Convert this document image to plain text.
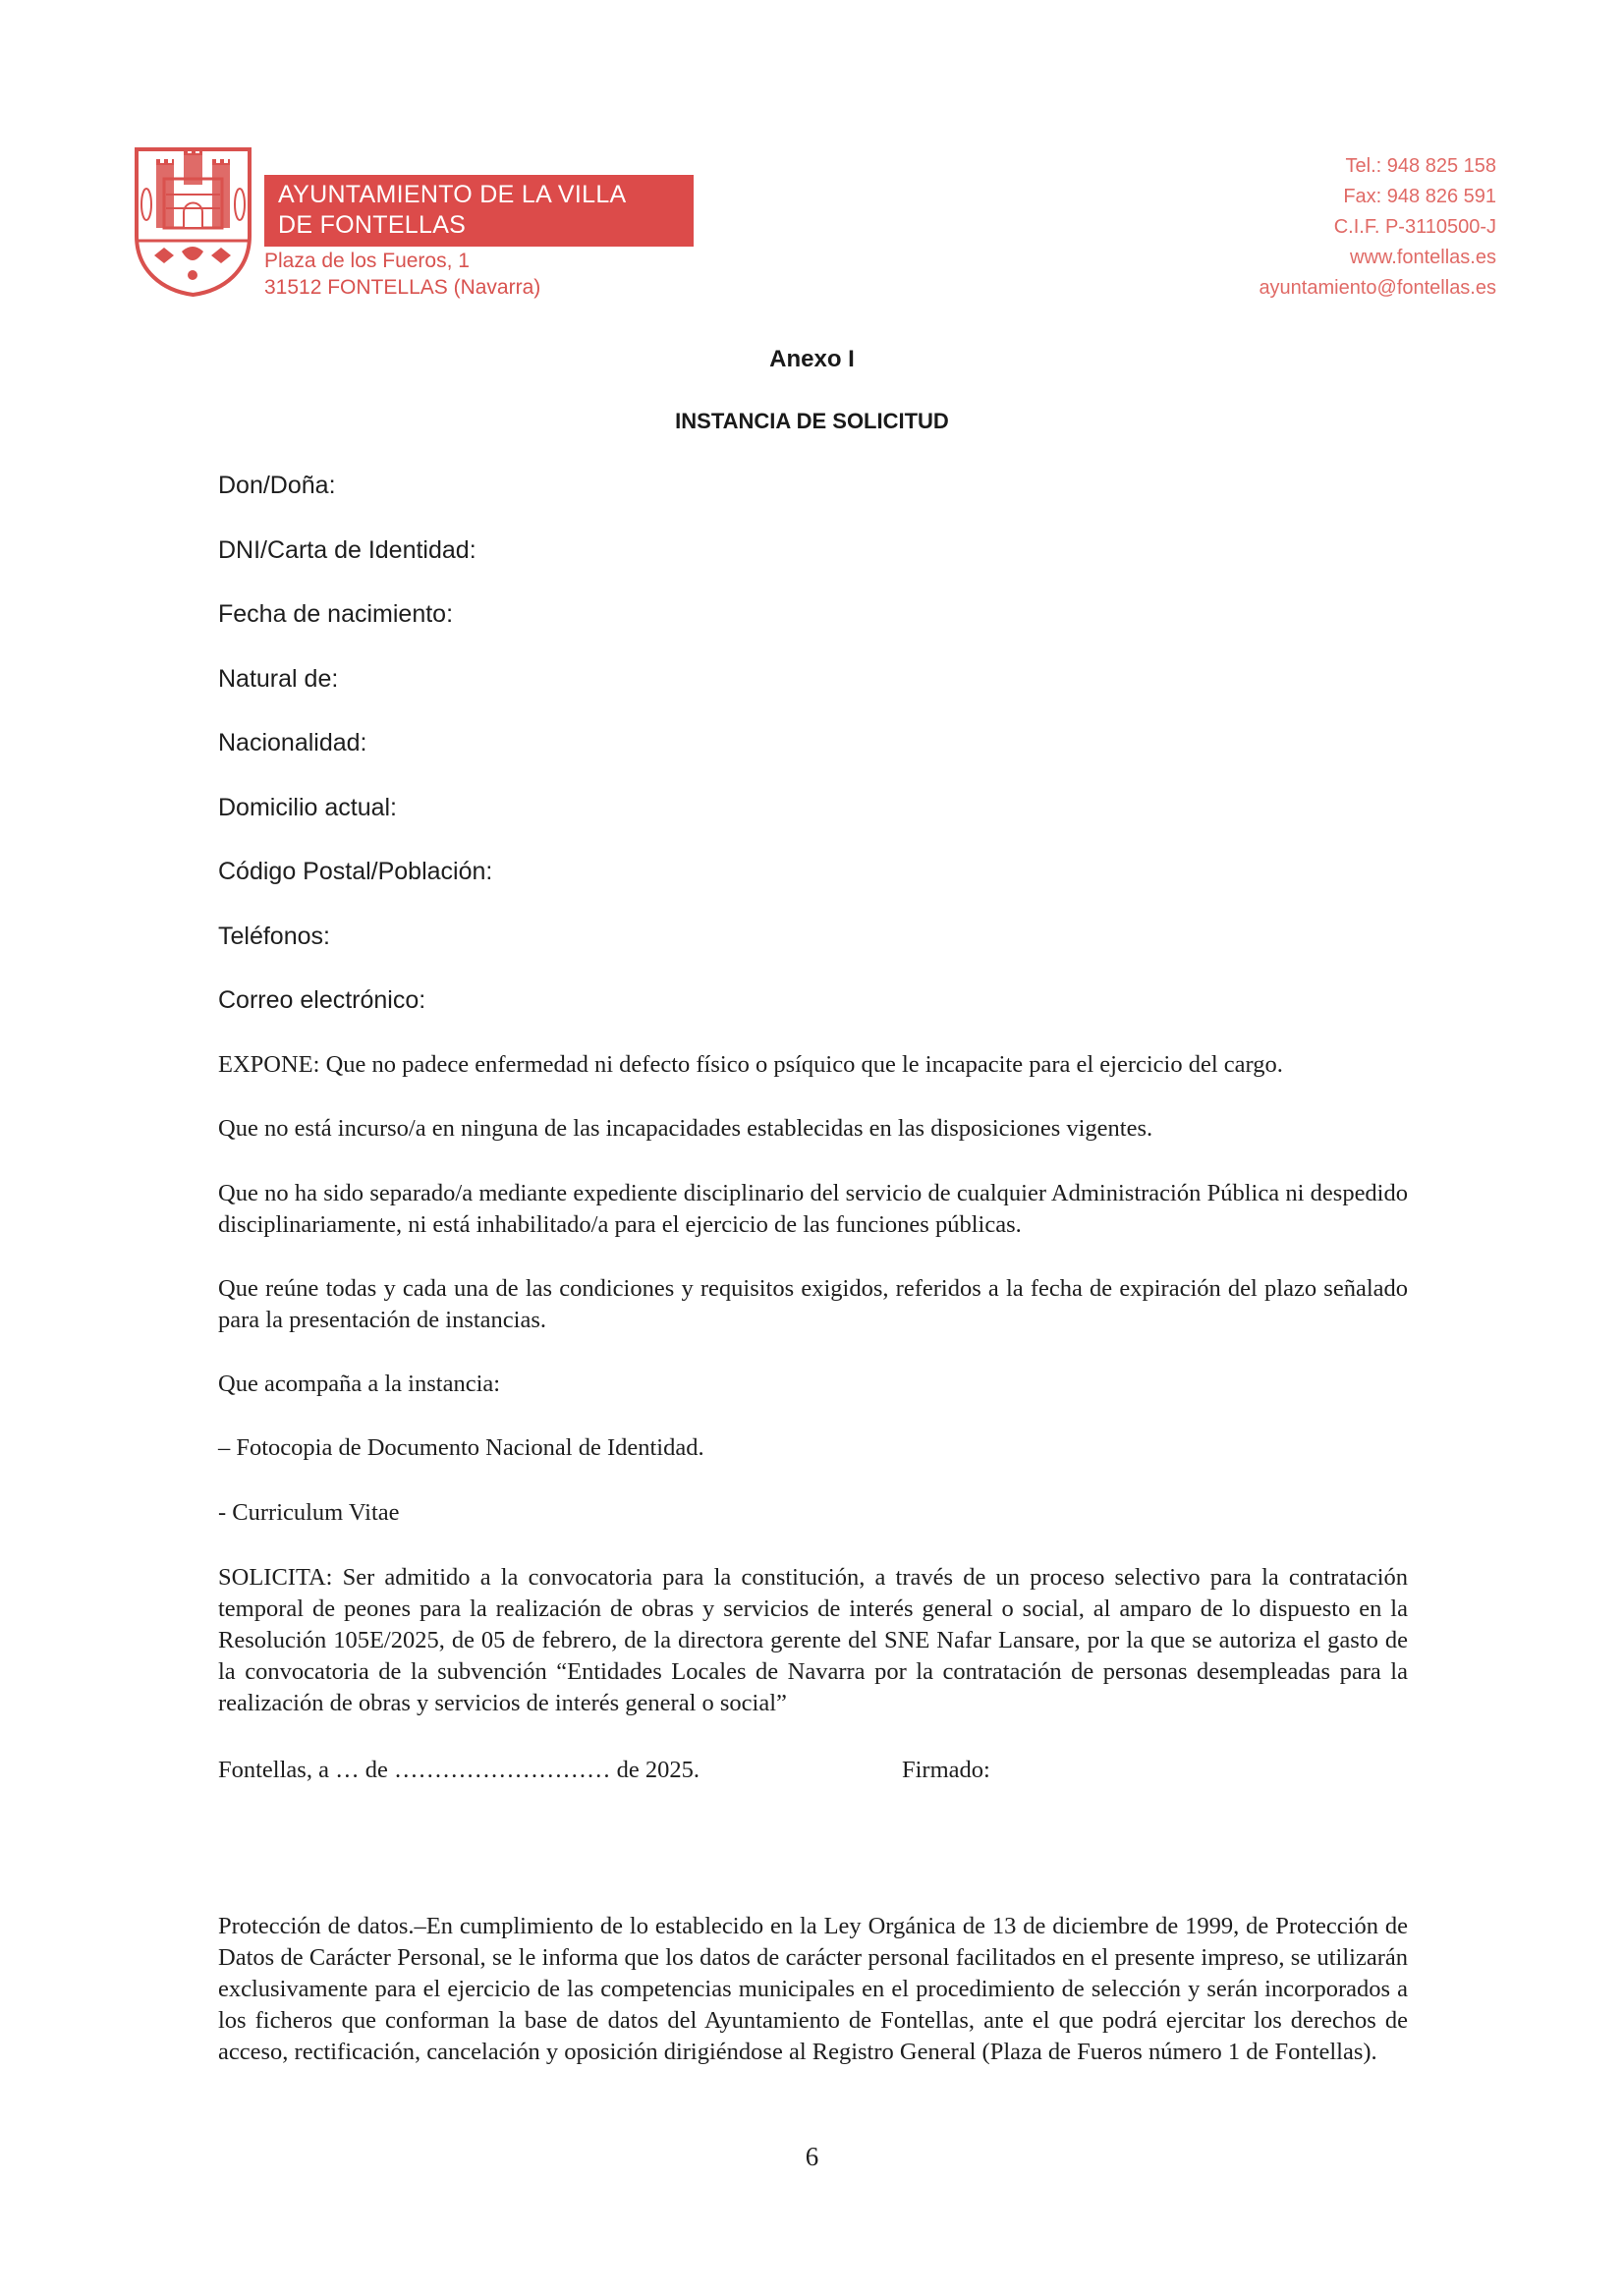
AYUNTAMIENTO DE LA VILLA
DE FONTELLAS
Plaza de los Fueros, 1
31512 FONTELLAS (Navarra)
Tel.: 948 825 158
Fax: 948 826 591
C.I.F. P-3110500-J
www.fontellas.es
ayuntamiento@fontellas.es
Anexo I
INSTANCIA DE SOLICITUD
Don/Doña:
DNI/Carta de Identidad:
Fecha de nacimiento:
Natural de:
Nacionalidad:
Domicilio actual:
Código Postal/Población:
Teléfonos:
Correo electrónico:
EXPONE: Que no padece enfermedad ni defecto físico o psíquico que le incapacite para el ejercicio del cargo.
Que no está incurso/a en ninguna de las incapacidades establecidas en las disposiciones vigentes.
Que no ha sido separado/a mediante expediente disciplinario del servicio de cualquier Administración Pública ni despedido disciplinariamente, ni está inhabilitado/a para el ejercicio de las funciones públicas.
Que reúne todas y cada una de las condiciones y requisitos exigidos, referidos a la fecha de expiración del plazo señalado para la presentación de instancias.
Que acompaña a la instancia:
– Fotocopia de Documento Nacional de Identidad.
- Curriculum Vitae
SOLICITA: Ser admitido a la convocatoria para la constitución, a través de un proceso selectivo para la contratación temporal de peones para la realización de obras y servicios de interés general o social, al amparo de lo dispuesto en la Resolución 105E/2025, de 05 de febrero, de la directora gerente del SNE Nafar Lansare, por la que se autoriza el gasto de la convocatoria de la subvención “Entidades Locales de Navarra por la contratación de personas desempleadas para la realización de obras y servicios de interés general o social”
Fontellas, a … de ……………………… de 2025.	Firmado:
Protección de datos.–En cumplimiento de lo establecido en la Ley Orgánica de 13 de diciembre de 1999, de Protección de Datos de Carácter Personal, se le informa que los datos de carácter personal facilitados en el presente impreso, se utilizarán exclusivamente para el ejercicio de las competencias municipales en el procedimiento de selección y serán incorporados a los ficheros que conforman la base de datos del Ayuntamiento de Fontellas, ante el que podrá ejercitar los derechos de acceso, rectificación, cancelación y oposición dirigiéndose al Registro General (Plaza de Fueros número 1 de Fontellas).
6
